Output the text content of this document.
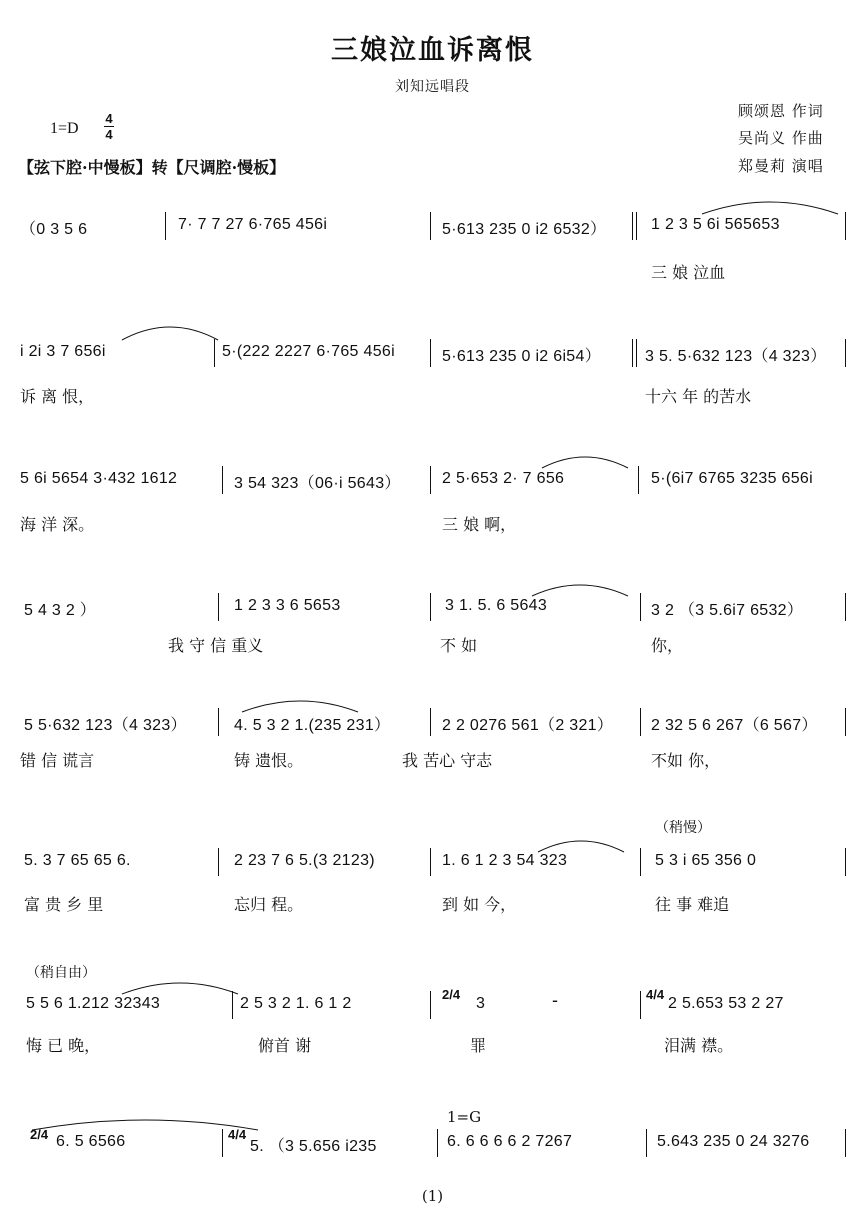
三娘泣血诉离恨
刘知远唱段
1=D
4
4
【弦下腔·中慢板】转【尺调腔·慢板】
顾颂恩 作词
吴尚义 作曲
郑曼莉 演唱
（0 3 5 6	7· 7 7 27 6·765 456i	5·613 235 0 i2 6532）	1 2 3 5 6i 565653
三 娘 泣血
i 2i 3 7 656i	5·(222 2227 6·765 456i	5·613 235 0 i2 6i54）	3 5. 5·632 123（4 323）
诉 离 恨，	十六 年 的苦水
5 6i 5654 3·432 1612	3 54 323（06·i 5643）	2 5·653 2· 7 656	5·(6i7 6765 3235 656i
海 洋 深。	三 娘 啊，
5 4 3 2 ）	1 2 3 3 6 5653	3 1. 5. 6 5643	3 2 （3 5.6i7 6532）
我 守 信 重义	不 如	你，
5 5·632 123（4 323）	4. 5 3 2 1.(235 231）	2 2 0276 561（2 321） 2 32 5 6 267（6 567）
错 信 谎言	铸 遗恨。	我 苦心 守志	不如 你，
（稍慢）
5. 3 7 65 65 6.	2 23 7 6 5.(3 2123)	1. 6 1 2 3 54 323	5 3 i 65 356 0
富 贵 乡 里	忘归 程。	到 如 今，	往 事 难追
（稍自由）
5 5 6 1.212 32343	2 5 3 2 1. 6 1 2
2/4
3	-	4/4
2 5.653 53 2 27
悔 已 晚，	俯首 谢	罪	泪满 襟。
1=G
2/4 6. 5 6566	4/4
5. （3 5.656 i235	6. 6 6 6 6 2 7267	5.643 235 0 24 3276
(1)
